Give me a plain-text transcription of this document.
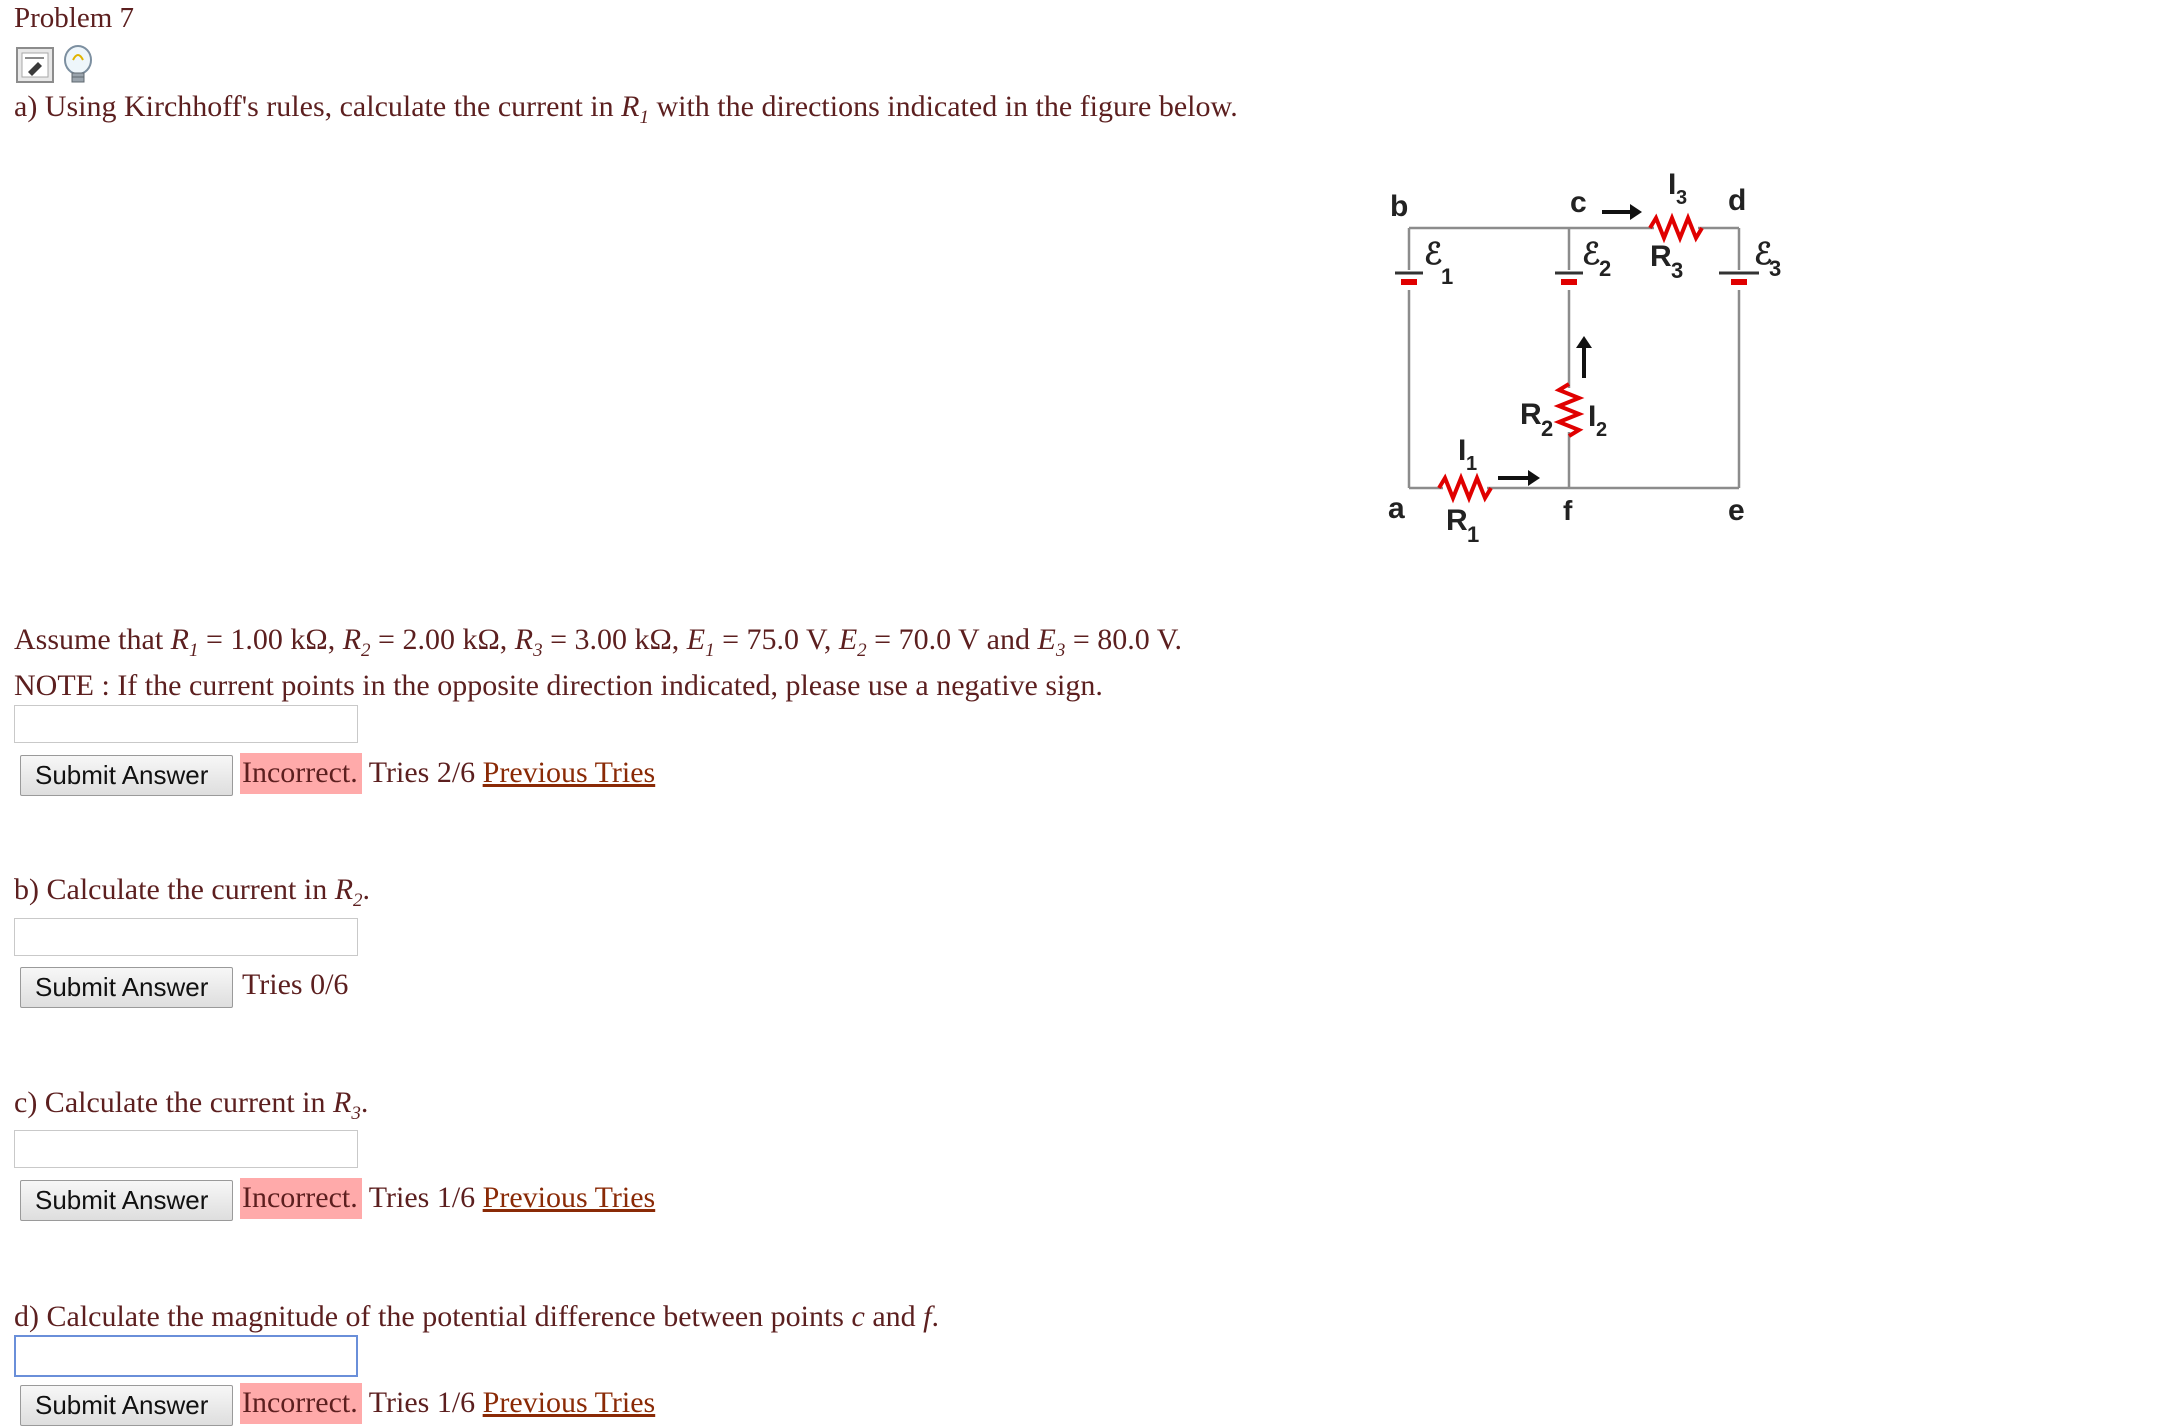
Problem 7
a) Using Kirchhoff's rules, calculate the current in $R_1$ with the directions indicated in the figure below.
b	c	d
a	f	e
ℰ
1
ℰ
2	ℰ
3
R 3
R 2
R 1
I 3
I 2
I 1
Assume that $R_1 = 1.00$ kΩ, $R_2 = 2.00$ kΩ, $R_3 = 3.00$ kΩ, $E_1 = 75.0$ V, $E_2 = 70.0$ V and $E_3 = 80.0$ V.
NOTE : If the current points in the opposite direction indicated, please use a negative sign.
Submit Answer	Incorrect. Tries 2/6 Previous Tries
b) Calculate the current in $R_2$.
Submit Answer	Tries 0/6
c) Calculate the current in $R_3$.
Submit Answer	Incorrect. Tries 1/6 Previous Tries
d) Calculate the magnitude of the potential difference between points c and f.
Submit Answer	Incorrect. Tries 1/6 Previous Tries
